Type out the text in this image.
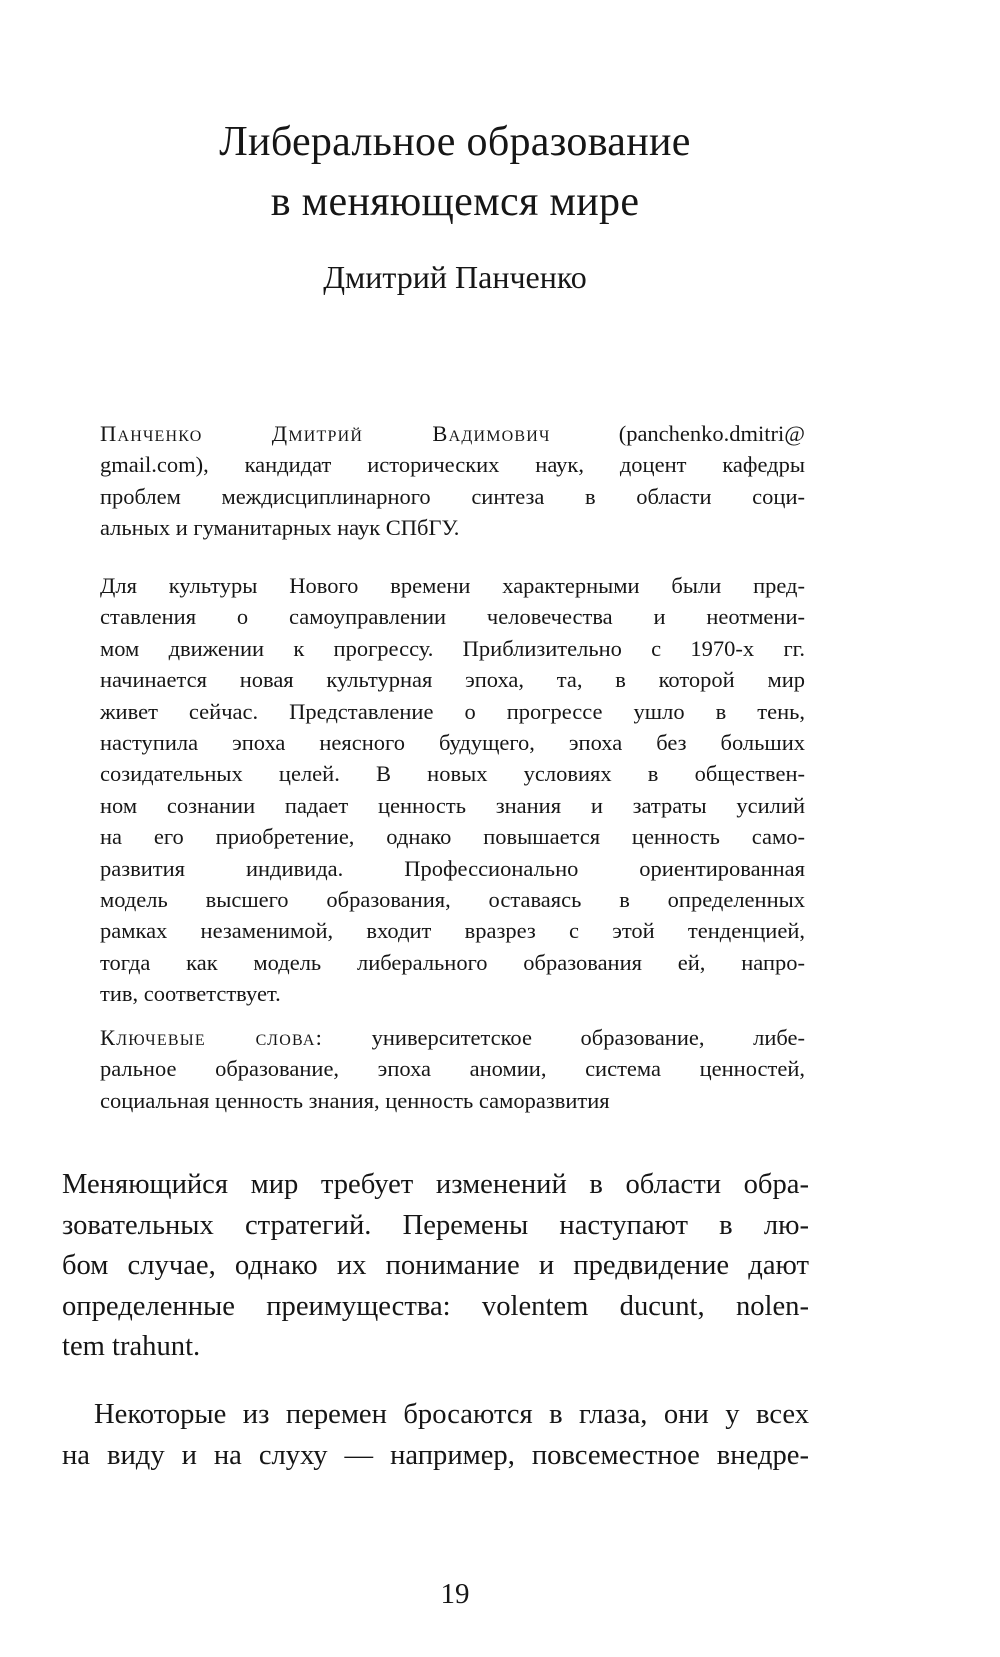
Либеральное образование
в меняющемся мире
Дмитрий Панченко
Панченко Дмитрий Вадимович	(panchenko.dmitri@
gmail.com), кандидат исторических наук, доцент кафедры
проблем междисциплинарного синтеза в области соци-
альных и гуманитарных наук СПбГУ.
Для культуры Нового времени характерными были пред-
ставления о самоуправлении человечества и неотмени-
мом движении к прогрессу. Приблизительно с 1970-х гг.
начинается новая культурная эпоха, та, в которой мир
живет сейчас. Представление о прогрессе ушло в тень,
наступила эпоха неясного будущего, эпоха без больших
созидательных целей. В новых условиях в обществен-
ном сознании падает ценность знания и затраты усилий
на его приобретение, однако повышается ценность само-
развития индивида. Профессионально ориентированная
модель высшего образования, оставаясь в определенных
рамках незаменимой, входит вразрез с этой тенденцией,
тогда как модель либерального образования ей, напро-
тив, соответствует.
Ключевые слова: университетское образование, либе-
ральное образование, эпоха аномии, система ценностей,
социальная ценность знания, ценность саморазвития
Меняющийся мир требует изменений в области обра-
зовательных стратегий. Перемены наступают в лю-
бом случае, однако их понимание и предвидение дают
определенные преимущества: volentem ducunt, nolen-
tem trahunt.
Некоторые из перемен бросаются в глаза, они у всех
на виду и на слуху — например, повсеместное внедре-
19
